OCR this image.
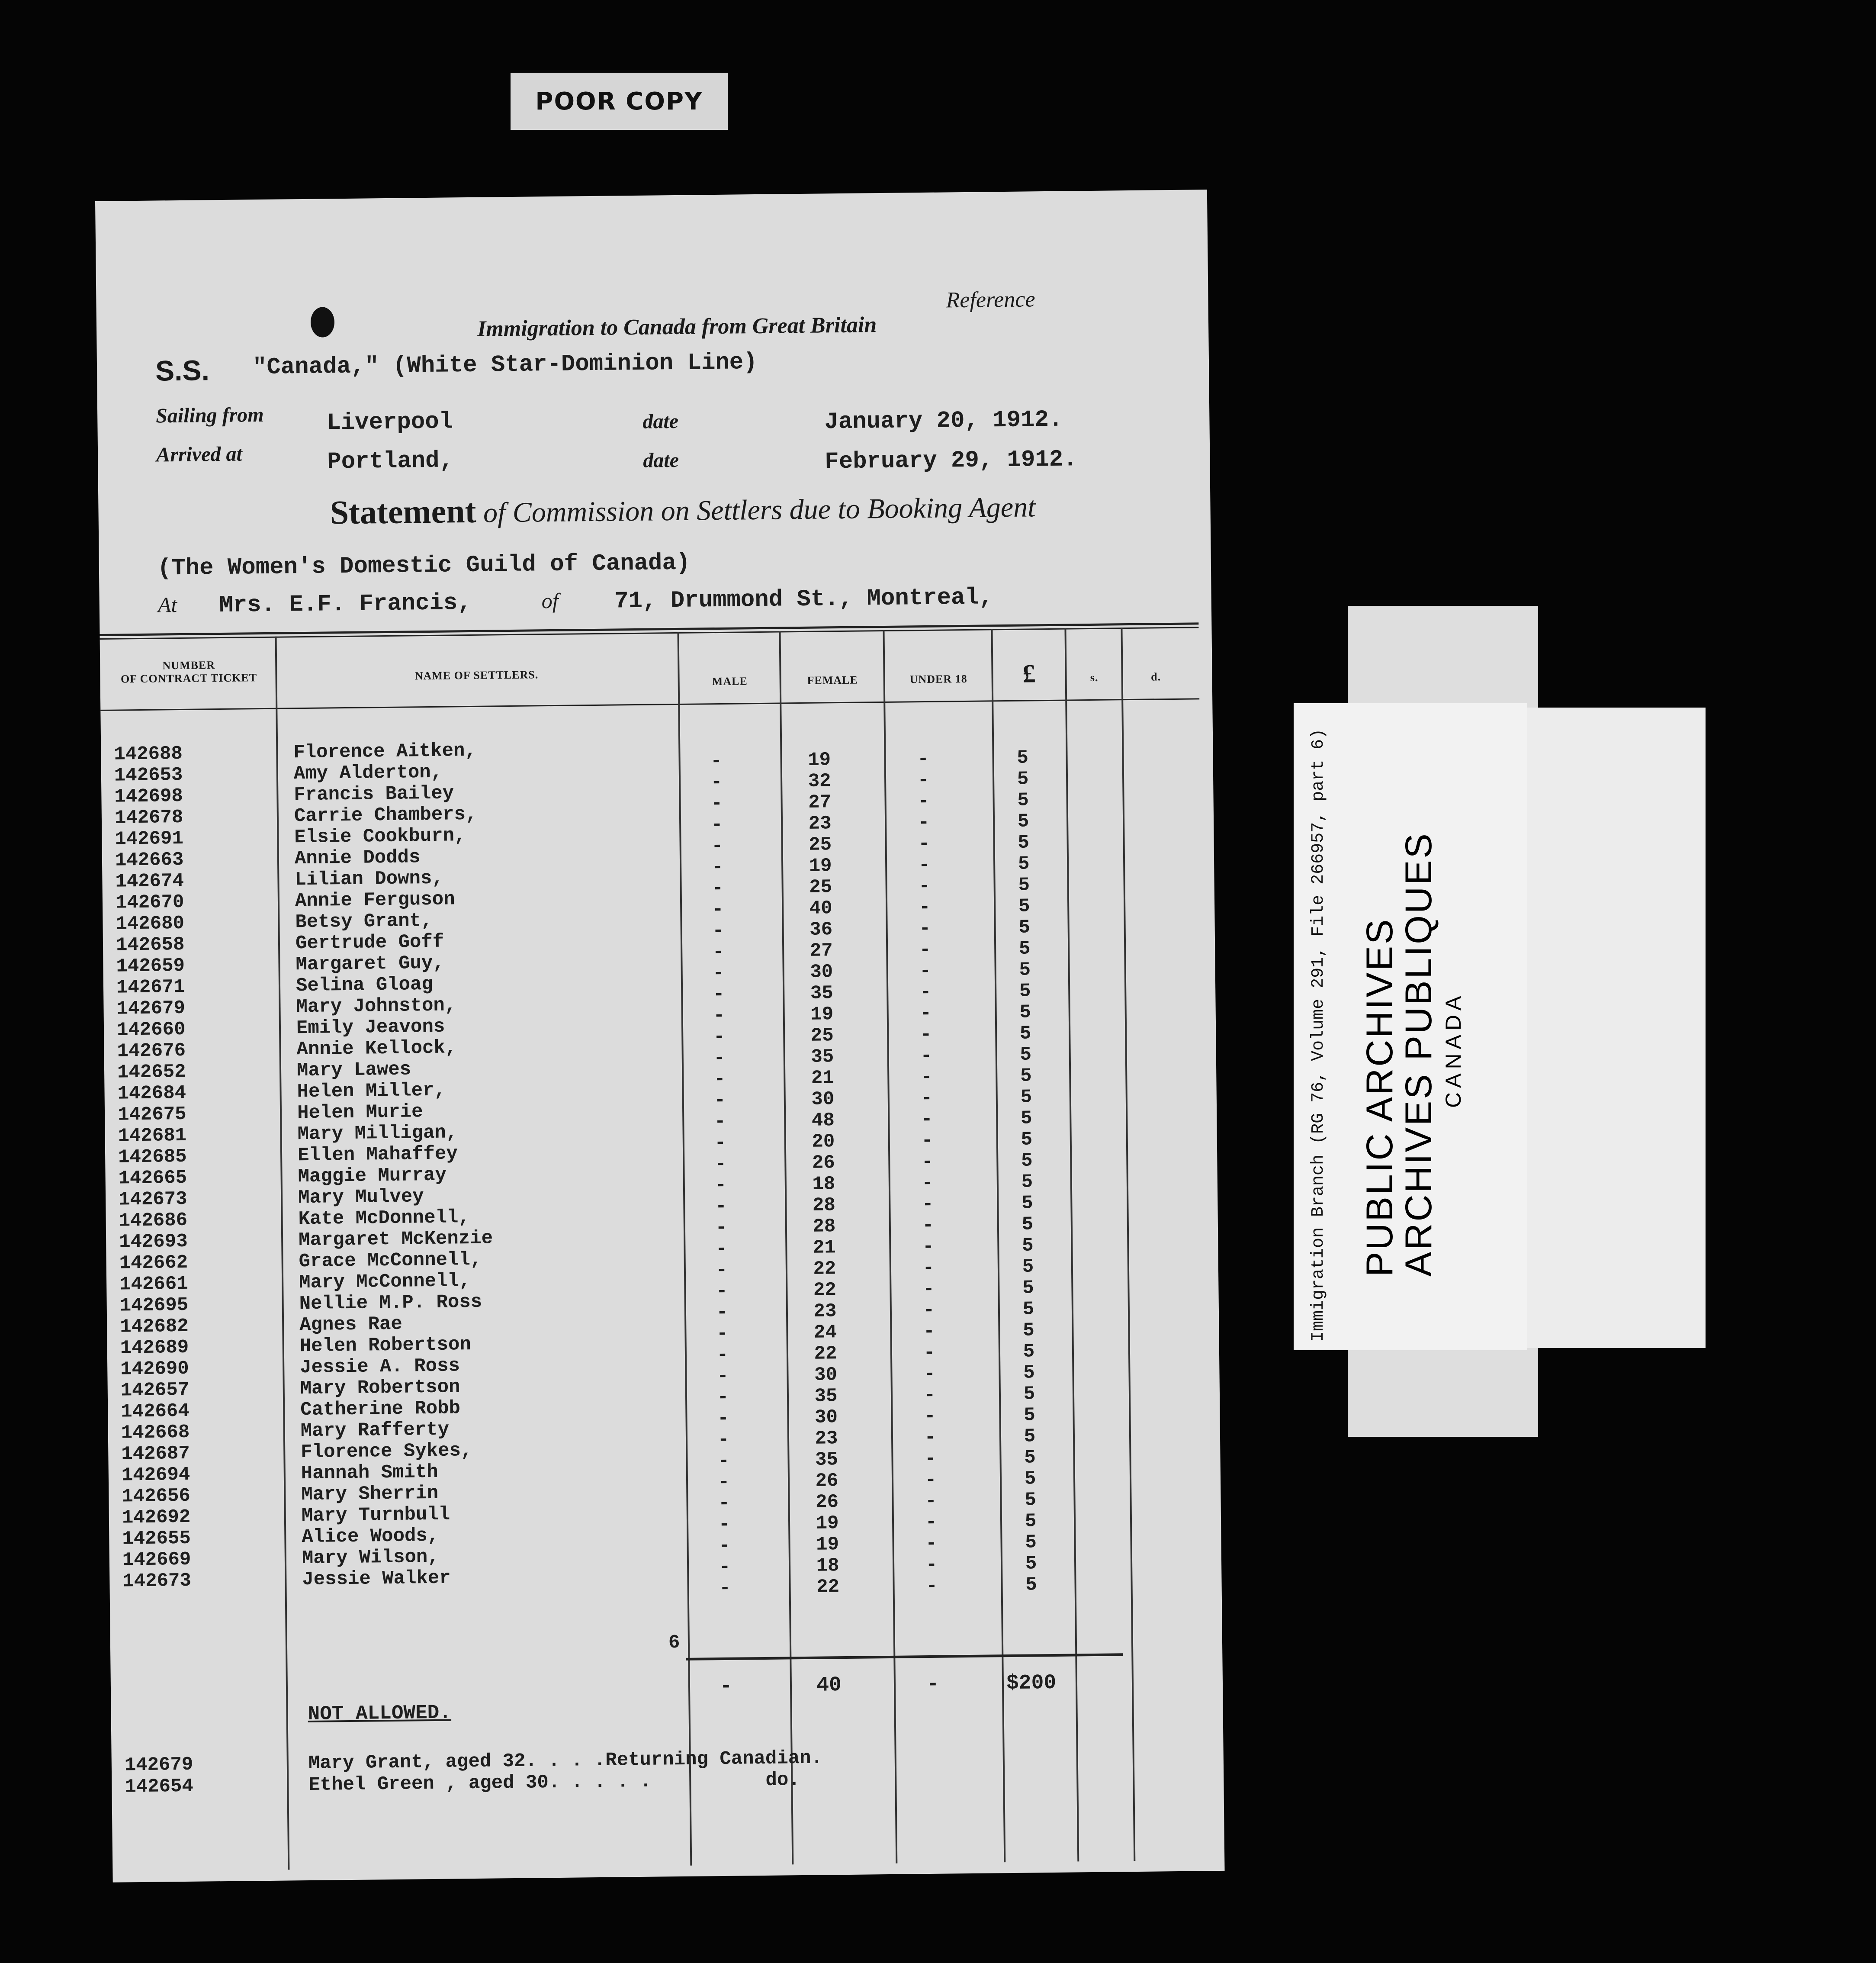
POOR COPY
Reference
Immigration to Canada from Great Britain
S.S. "Canada," (White Star-Dominion Line)
Sailing from	Liverpool	date	January 20, 1912.
Arrived at	Portland,	date	February 29, 1912.
Statement of Commission on Settlers due to Booking Agent
(The Women's Domestic Guild of Canada)
At Mrs. E.F. Francis,	of 71, Drummond St., Montreal,
NUMBER
OF CONTRACT TICKET	NAME OF SETTLERS.	MALE	FEMALE	UNDER 18	£	s.	d.
142688	Florence Aitken,	-	19	-	5
142653	Amy Alderton,	-	32	-	5
142698	Francis Bailey	-	27	-	5
142678	Carrie Chambers,	-	23	-	5
142691	Elsie Cookburn,	-	25	-	5
142663	Annie Dodds	-	19	-	5
142674	Lilian Downs,	-	25	-	5
142670	Annie Ferguson	-	40	-	5
142680	Betsy Grant,	-	36	-	5
142658	Gertrude Goff	-	27	-	5
142659	Margaret Guy,	-	30	-	5
142671	Selina Gloag	-	35	-	5
142679	Mary Johnston,	-	19	-	5
142660	Emily Jeavons	-	25	-	5
142676	Annie Kellock,	-	35	-	5
142652	Mary Lawes	-	21	-	5
142684	Helen Miller,	-	30	-	5
142675	Helen Murie	-	48	-	5
142681	Mary Milligan,	-	20	-	5
142685	Ellen Mahaffey	-	26	-	5
142665	Maggie Murray	-	18	-	5
142673	Mary Mulvey	-	28	-	5
142686	Kate McDonnell,	-	28	-	5
142693	Margaret McKenzie	-	21	-	5
142662	Grace McConnell,	-	22	-	5
142661	Mary McConnell,	-	22	-	5
142695	Nellie M.P. Ross	-	23	-	5
142682	Agnes Rae	-	24	-	5
142689	Helen Robertson	-	22	-	5
142690	Jessie A. Ross	-	30	-	5
142657	Mary Robertson	-	35	-	5
142664	Catherine Robb	-	30	-	5
142668	Mary Rafferty	-	23	-	5
142687	Florence Sykes,	-	35	-	5
142694	Hannah Smith	-	26	-	5
142656	Mary Sherrin	-	26	-	5
142692	Mary Turnbull	-	19	-	5
142655	Alice Woods,	-	19	-	5
142669	Mary Wilson,	-	18	-	5
142673	Jessie Walker	-	22	-	5
6
-	40	-	$200
NOT ALLOWED.
142679	Mary Grant, aged 32. . . .Returning Canadian.
142654	Ethel Green , aged 30. . . . .          do.
Immigration Branch (RG 76, Volume 291, File 266957, part 6) PUBLIC ARCHIVES
ARCHIVES PUBLIQUES CANADA
